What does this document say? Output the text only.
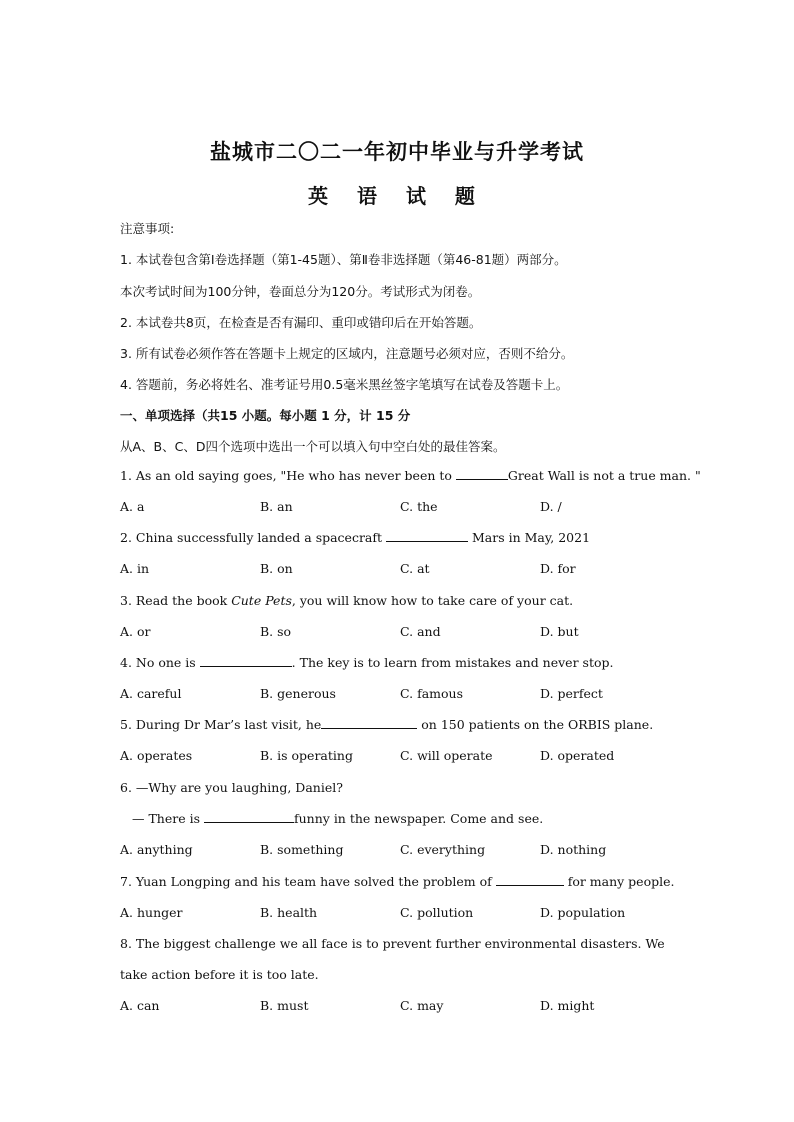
盐城市二〇二一年初中毕业与升学考试
英 语 试 题
注意事项:
1. 本试卷包含第Ⅰ卷选择题（第1-45题）、第Ⅱ卷非选择题（第46-81题）两部分。
本次考试时间为100分钟，卷面总分为120分。考试形式为闭卷。
2. 本试卷共8页，在检查是否有漏印、重印或错印后在开始答题。
3. 所有试卷必须作答在答题卡上规定的区域内，注意题号必须对应，否则不给分。
4. 答题前，务必将姓名、准考证号用0.5毫米黑丝签字笔填写在试卷及答题卡上。
一、单项选择（共15 小题。每小题 1 分，计 15 分
从A、B、C、D四个选项中选出一个可以填入句中空白处的最佳答案。
1. As an old saying goes, "He who has never been to	Great Wall is not a true man. "
A. a	B. an	C. the	D. /
2. China successfully landed a spacecraft	Mars in May, 2021
A. in	B. on	C. at	D. for
3. Read the book Cute Pets, you will know how to take care of your cat.
A. or	B. so	C. and	D. but
4. No one is	. The key is to learn from mistakes and never stop.
A. careful	B. generous	C. famous	D. perfect
5. During Dr Mar’s last visit, he	on 150 patients on the ORBIS plane.
A. operates	B. is operating	C. will operate	D. operated
6. —Why are you laughing, Daniel?
— There is	funny in the newspaper. Come and see.
A. anything	B. something	C. everything	D. nothing
7. Yuan Longping and his team have solved the problem of	for many people.
A. hunger	B. health	C. pollution	D. population
8. The biggest challenge we all face is to prevent further environmental disasters. We
take action before it is too late.
A. can	B. must	C. may	D. might
